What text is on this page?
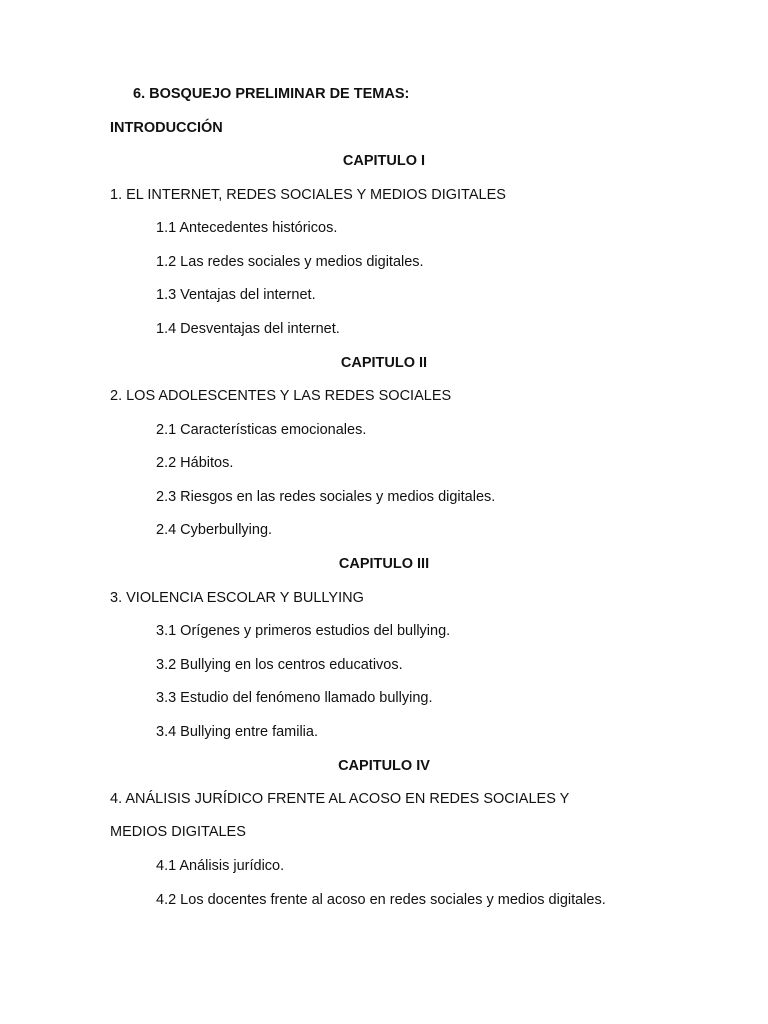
6. BOSQUEJO PRELIMINAR DE TEMAS:
INTRODUCCIÓN
CAPITULO I
1. EL INTERNET, REDES SOCIALES Y MEDIOS DIGITALES
1.1 Antecedentes históricos.
1.2 Las redes sociales y medios digitales.
1.3 Ventajas del internet.
1.4 Desventajas del internet.
CAPITULO II
2. LOS ADOLESCENTES Y LAS REDES SOCIALES
2.1 Características emocionales.
2.2 Hábitos.
2.3 Riesgos en las redes sociales y medios digitales.
2.4 Cyberbullying.
CAPITULO III
3. VIOLENCIA ESCOLAR Y BULLYING
3.1 Orígenes y primeros estudios del bullying.
3.2 Bullying en los centros educativos.
3.3 Estudio del fenómeno llamado bullying.
3.4 Bullying entre familia.
CAPITULO IV
4. ANÁLISIS JURÍDICO FRENTE AL ACOSO EN REDES SOCIALES Y
MEDIOS DIGITALES
4.1 Análisis jurídico.
4.2 Los docentes frente al acoso en redes sociales y medios digitales.
